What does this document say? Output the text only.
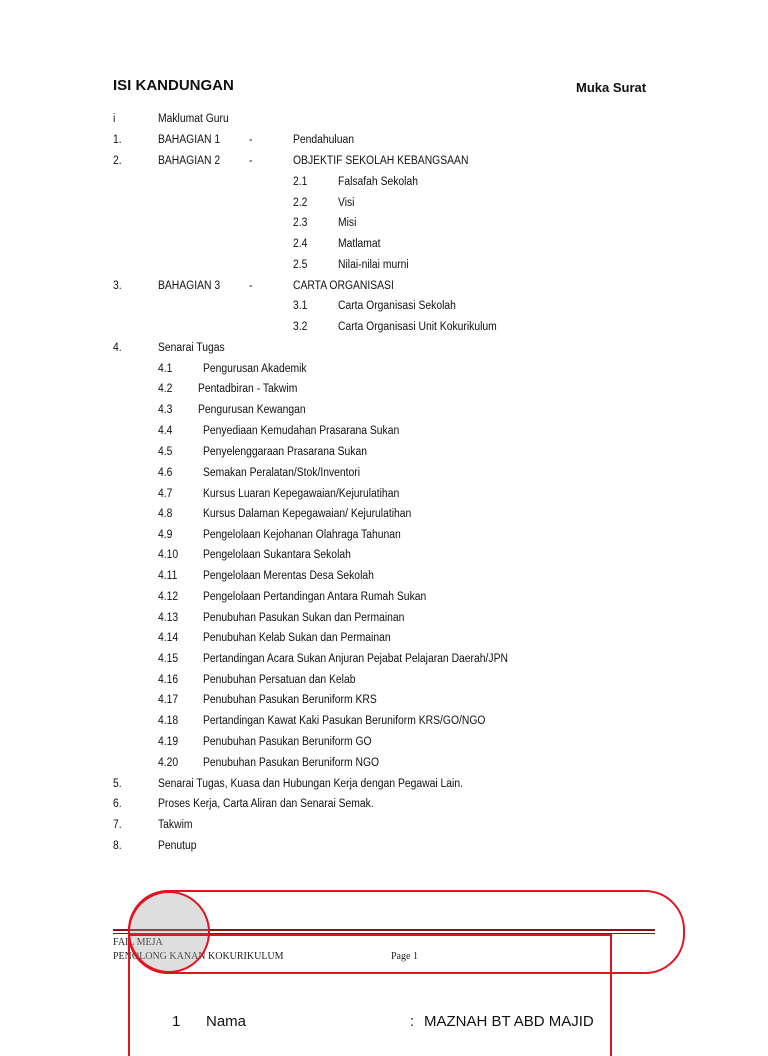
ISI KANDUNGAN	Muka Surat
i	Maklumat Guru
1.	BAHAGIAN 1	-	Pendahuluan
2.	BAHAGIAN 2	-	OBJEKTIF SEKOLAH KEBANGSAAN
2.1	Falsafah Sekolah
2.2	Visi
2.3	Misi
2.4	Matlamat
2.5	Nilai-nilai murni
3.	BAHAGIAN 3	-	CARTA ORGANISASI
3.1	Carta Organisasi Sekolah
3.2	Carta Organisasi Unit Kokurikulum
4.	Senarai Tugas
4.1	Pengurusan Akademik
4.2 Pentadbiran - Takwim
4.3 Pengurusan Kewangan
4.4	Penyediaan Kemudahan Prasarana Sukan
4.5	Penyelenggaraan Prasarana Sukan
4.6	Semakan Peralatan/Stok/Inventori
4.7	Kursus Luaran Kepegawaian/Kejurulatihan
4.8	Kursus Dalaman Kepegawaian/ Kejurulatihan
4.9	Pengelolaan Kejohanan Olahraga Tahunan
4.10 Pengelolaan Sukantara Sekolah
4.11 Pengelolaan Merentas Desa Sekolah
4.12 Pengelolaan Pertandingan Antara Rumah Sukan
4.13 Penubuhan Pasukan Sukan dan Permainan
4.14 Penubuhan Kelab Sukan dan Permainan
4.15 Pertandingan Acara Sukan Anjuran Pejabat Pelajaran Daerah/JPN
4.16 Penubuhan Persatuan dan Kelab
4.17 Penubuhan Pasukan Beruniform KRS
4.18 Pertandingan Kawat Kaki Pasukan Beruniform KRS/GO/NGO
4.19 Penubuhan Pasukan Beruniform GO
4.20 Penubuhan Pasukan Beruniform NGO
5.	Senarai Tugas, Kuasa dan Hubungan Kerja dengan Pegawai Lain.
6.	Proses Kerja, Carta Aliran dan Senarai Semak.
7.	Takwim
8.	Penutup
FAIL MEJA
PENOLONG KANAN KOKURIKULUM	Page 1
1 Nama	: MAZNAH BT ABD MAJID
